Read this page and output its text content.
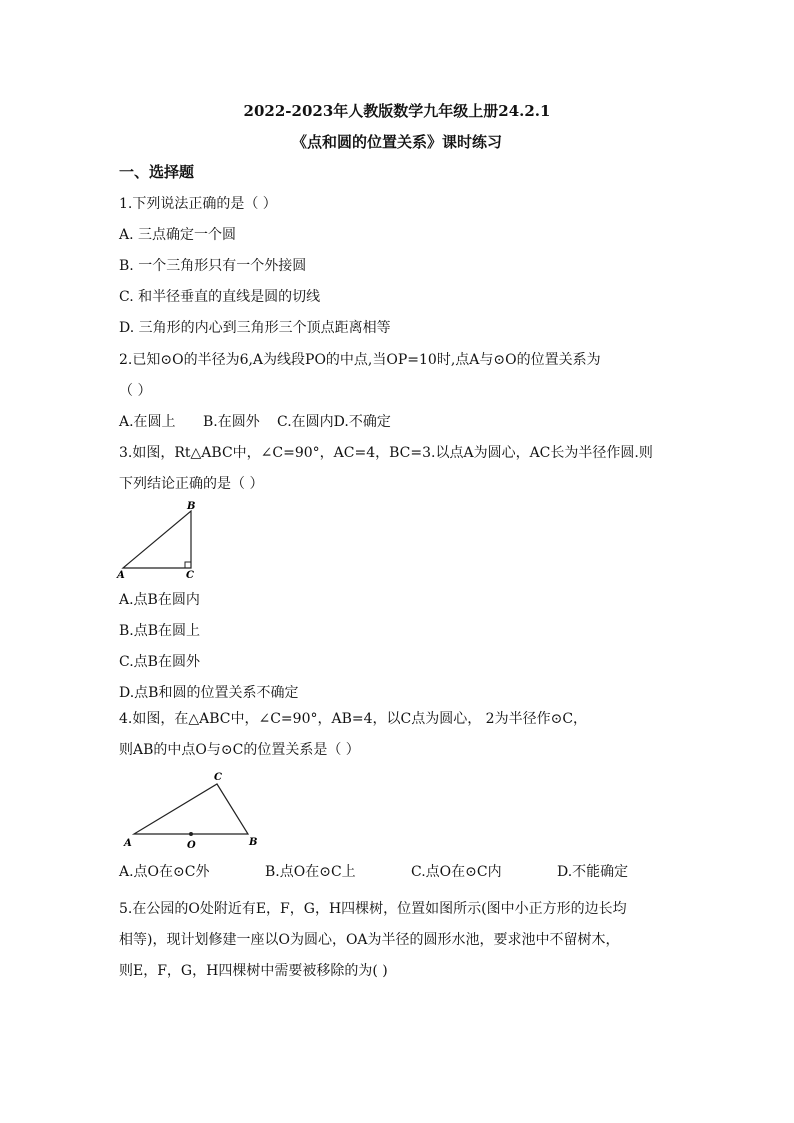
2022-2023年人教版数学九年级上册24.2.1
《点和圆的位置关系》课时练习
一、选择题
1.下列说法正确的是（ ）
A. 三点确定一个圆
B. 一个三角形只有一个外接圆
C. 和半径垂直的直线是圆的切线
D. 三角形的内心到三角形三个顶点距离相等
2.已知⊙O的半径为6,A为线段PO的中点,当OP=10时,点A与⊙O的位置关系为
（ ）
A.在圆上 B.在圆外 C.在圆内D.不确定
3.如图，Rt△ABC中，∠C=90°，AC=4，BC=3.以点A为圆心，AC长为半径作圆.则
下列结论正确的是（ ）
A	C
B
A.点B在圆内
B.点B在圆上
C.点B在圆外
D.点B和圆的位置关系不确定
4.如图，在△ABC中，∠C=90°，AB=4，以C点为圆心， 2为半径作⊙C，
则AB的中点O与⊙C的位置关系是（ ）
A	B
C
O
A.点O在⊙C外	B.点O在⊙C上	C.点O在⊙C内	D.不能确定
5.在公园的O处附近有E，F，G，H四棵树，位置如图所示(图中小正方形的边长均
相等)，现计划修建一座以O为圆心，OA为半径的圆形水池，要求池中不留树木，
则E，F，G，H四棵树中需要被移除的为( )
